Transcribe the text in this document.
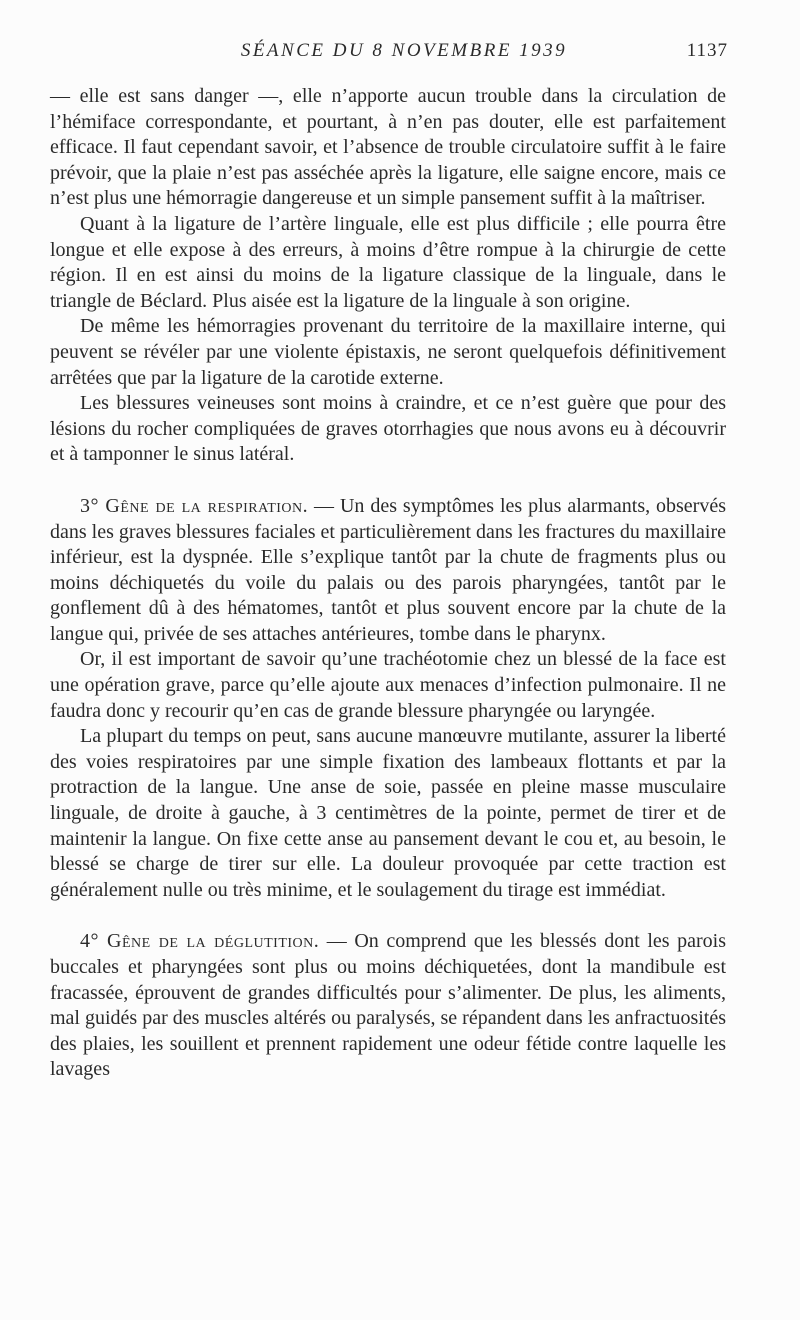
SÉANCE DU 8 NOVEMBRE 1939	1137

— elle est sans danger —, elle n’apporte aucun trouble dans la circulation de l’hémiface correspondante, et pourtant, à n’en pas douter, elle est parfaitement efficace. Il faut cependant savoir, et l’absence de trouble circulatoire suffit à le faire prévoir, que la plaie n’est pas asséchée après la ligature, elle saigne encore, mais ce n’est plus une hémorragie dangereuse et un simple pansement suffit à la maîtriser.

Quant à la ligature de l’artère linguale, elle est plus difficile ; elle pourra être longue et elle expose à des erreurs, à moins d’être rompue à la chirurgie de cette région. Il en est ainsi du moins de la ligature classique de la linguale, dans le triangle de Béclard. Plus aisée est la ligature de la linguale à son origine.

De même les hémorragies provenant du territoire de la maxillaire interne, qui peuvent se révéler par une violente épistaxis, ne seront quelquefois définitivement arrêtées que par la ligature de la carotide externe.

Les blessures veineuses sont moins à craindre, et ce n’est guère que pour des lésions du rocher compliquées de graves otorrhagies que nous avons eu à découvrir et à tamponner le sinus latéral.

3° Gêne de la respiration. — Un des symptômes les plus alarmants, observés dans les graves blessures faciales et particulièrement dans les fractures du maxillaire inférieur, est la dyspnée. Elle s’explique tantôt par la chute de fragments plus ou moins déchiquetés du voile du palais ou des parois pharyngées, tantôt par le gonflement dû à des hématomes, tantôt et plus souvent encore par la chute de la langue qui, privée de ses attaches antérieures, tombe dans le pharynx.

Or, il est important de savoir qu’une trachéotomie chez un blessé de la face est une opération grave, parce qu’elle ajoute aux menaces d’infection pulmonaire. Il ne faudra donc y recourir qu’en cas de grande blessure pharyngée ou laryngée.

La plupart du temps on peut, sans aucune manœuvre mutilante, assurer la liberté des voies respiratoires par une simple fixation des lambeaux flottants et par la protraction de la langue. Une anse de soie, passée en pleine masse musculaire linguale, de droite à gauche, à 3 centimètres de la pointe, permet de tirer et de maintenir la langue. On fixe cette anse au pansement devant le cou et, au besoin, le blessé se charge de tirer sur elle. La douleur provoquée par cette traction est généralement nulle ou très minime, et le soulagement du tirage est immédiat.

4° Gêne de la déglutition. — On comprend que les blessés dont les parois buccales et pharyngées sont plus ou moins déchiquetées, dont la mandibule est fracassée, éprouvent de grandes difficultés pour s’alimenter. De plus, les aliments, mal guidés par des muscles altérés ou paralysés, se répandent dans les anfractuosités des plaies, les souillent et prennent rapidement une odeur fétide contre laquelle les lavages
